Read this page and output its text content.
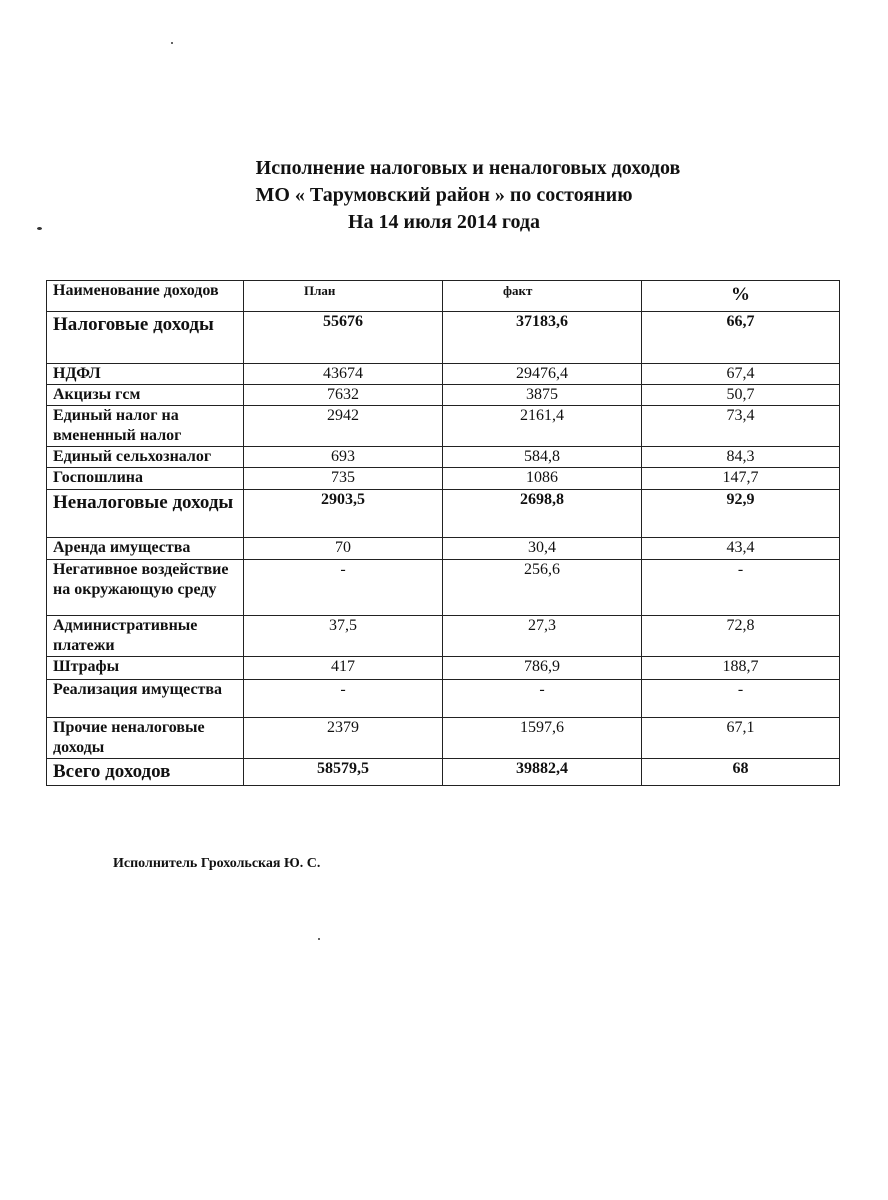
Исполнение налоговых и неналоговых доходов
МО « Тарумовский район » по состоянию
На 14 июля 2014 года
Наименование доходов	План	факт	%
Налоговые доходы	55676	37183,6	66,7
НДФЛ	43674	29476,4	67,4
Акцизы гсм	7632	3875	50,7
Единый налог на вмененный налог	2942	2161,4	73,4
Единый сельхозналог	693	584,8	84,3
Госпошлина	735	1086	147,7
Неналоговые доходы	2903,5	2698,8	92,9
Аренда имущества	70	30,4	43,4
Негативное воздействие на окружающую среду	-	256,6	-
Административные платежи	37,5	27,3	72,8
Штрафы	417	786,9	188,7
Реализация имущества	-	-	-
Прочие неналоговые доходы	2379	1597,6	67,1
Всего доходов	58579,5	39882,4	68
Исполнитель Грохольская Ю. С.
